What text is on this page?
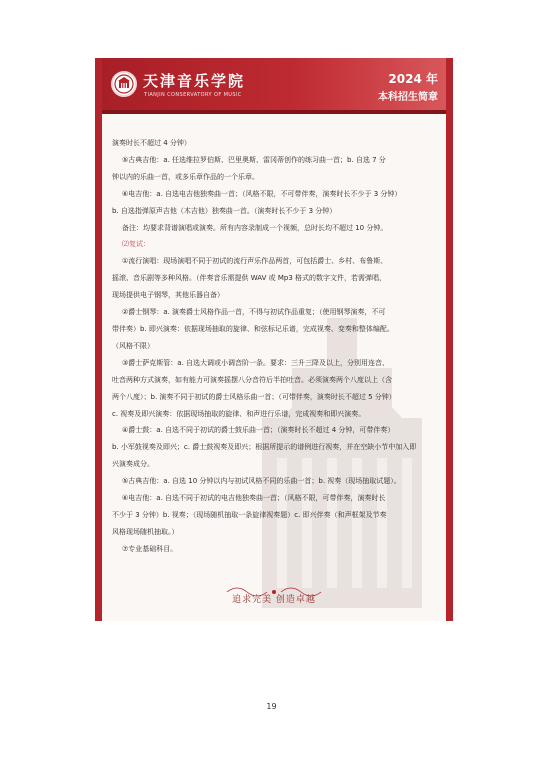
天津音乐学院
TIANJIN CONSERVATORY OF MUSIC
2024 年
本科招生简章

演奏时长不超过 4 分钟）

⑤古典吉他：a. 任选维拉罗伯斯、巴里奥斯、雷冈蒂创作的练习曲一首；b. 自选 7 分

钟以内的乐曲一首，或多乐章作品的一个乐章。

⑥电吉他：a. 自选电吉他独奏曲一首；（风格不限，不可带伴奏，演奏时长不少于 3 分钟）

b. 自选指弹原声吉他（木吉他）独奏曲一首。（演奏时长不少于 3 分钟）

备注：均要求背谱演唱或演奏。所有内容录制成一个视频，总时长均不超过 10 分钟。

⑵复试：

①流行演唱：现场演唱不同于初试的流行声乐作品两首，可包括爵士、乡村、布鲁斯、

摇滚、音乐剧等多种风格。（伴奏音乐需提供 WAV 或 Mp3 格式的数字文件，若需弹唱，

现场提供电子钢琴，其他乐器自备）

②爵士钢琴：a. 演奏爵士风格作品一首，不得与初试作品重复；（使用钢琴演奏，不可

带伴奏）b. 即兴演奏：依据现场抽取的旋律、和弦标记乐谱，完成视奏、变奏和整体编配。

（风格不限）

③爵士萨克斯管：a. 自选大调或小调音阶一条。要求：三升三降及以上，分别用连音、

吐音两种方式演奏，如有能力可演奏摇摆八分音符后半拍吐音。必须演奏两个八度以上（含

两个八度）；b. 演奏不同于初试的爵士风格乐曲一首；（可带伴奏，演奏时长不超过 5 分钟）

c. 视奏及即兴演奏：依据现场抽取的旋律、和声进行乐谱，完成视奏和即兴演奏。

④爵士鼓：a. 自选不同于初试的爵士鼓乐曲一首；（演奏时长不超过 4 分钟，可带伴奏）

b. 小军鼓视奏及即兴；c. 爵士鼓视奏及即兴；根据所提示的谱例进行视奏，并在空缺小节中加入即

兴演奏成分。

⑤古典吉他：a. 自选 10 分钟以内与初试风格不同的乐曲一首；b. 视奏（现场抽取试题）。

⑥电吉他：a. 自选不同于初试的电吉他独奏曲一首；（风格不限，可带伴奏，演奏时长

不少于 3 分钟）b. 视奏；（现场随机抽取一条旋律视奏题）c. 即兴伴奏（和声框架及节奏

风格现场随机抽取。）

⑦专业基础科目。

追求完美 创造卓越
19
